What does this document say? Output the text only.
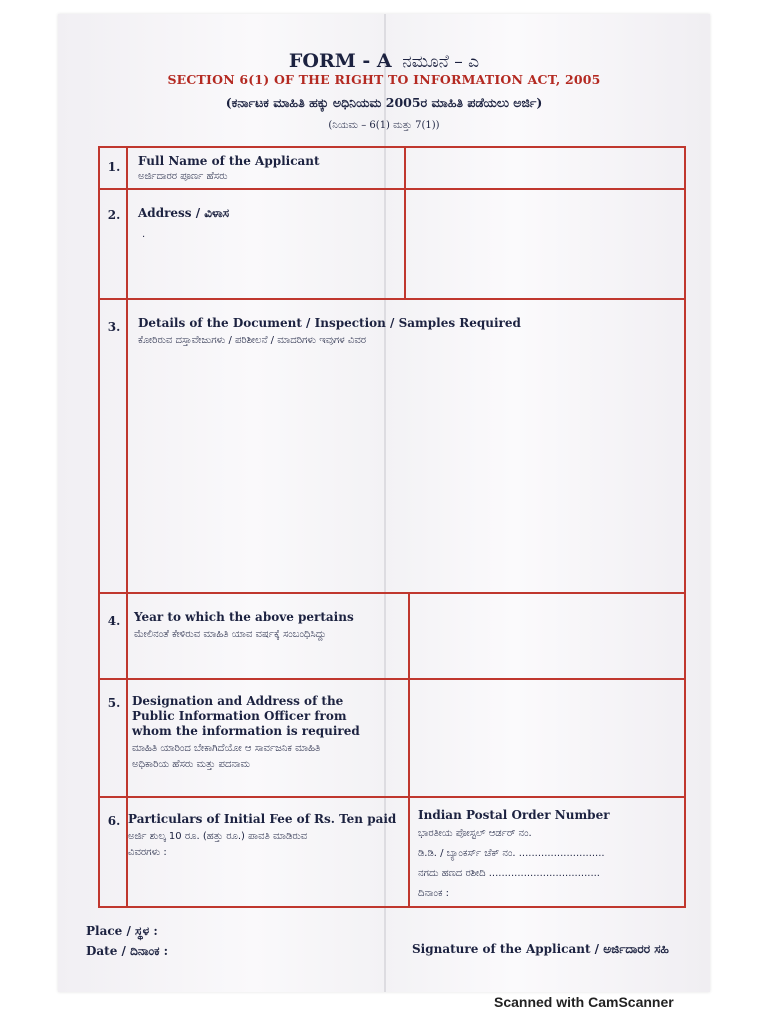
FORM - A ನಮೂನೆ – ಎ
SECTION 6(1) OF THE RIGHT TO INFORMATION ACT, 2005
(ಕರ್ನಾಟಕ ಮಾಹಿತಿ ಹಕ್ಕು ಅಧಿನಿಯಮ 2005ರ ಮಾಹಿತಿ ಪಡೆಯಲು ಅರ್ಜಿ)
(ನಿಯಮ – 6(1) ಮತ್ತು 7(1))
1.	Full Name of the Applicant
ಅರ್ಜಿದಾರರ ಪೂರ್ಣ ಹೆಸರು
2.	Address / ವಿಳಾಸ
.
3.	Details of the Document / Inspection / Samples Required
ಕೋರಿರುವ ದಸ್ತಾವೇಜುಗಳು / ಪರಿಶೀಲನೆ / ಮಾದರಿಗಳು ಇವುಗಳ ವಿವರ
4.	Year to which the above pertains
ಮೇಲಿನಂತೆ ಕೇಳಿರುವ ಮಾಹಿತಿ ಯಾವ ವರ್ಷಕ್ಕೆ ಸಂಬಂಧಿಸಿದ್ದು
5. Designation and Address of the
Public Information Officer from
whom the information is required
ಮಾಹಿತಿ ಯಾರಿಂದ ಬೇಕಾಗಿದೆಯೋ ಆ ಸಾರ್ವಜನಿಕ ಮಾಹಿತಿ
ಅಧಿಕಾರಿಯ ಹೆಸರು ಮತ್ತು ಪದನಾಮ
6. Particulars of Initial Fee of Rs. Ten paid
ಅರ್ಜಿ ಶುಲ್ಕ 10 ರೂ. (ಹತ್ತು ರೂ.) ಪಾವತಿ ಮಾಡಿರುವ
ವಿವರಗಳು :
Indian Postal Order Number
ಭಾರತೀಯ ಪೋಸ್ಟಲ್ ಆರ್ಡರ್ ನಂ.
ಡಿ.ಡಿ. / ಬ್ಯಾಂಕರ್ಸ್ ಚೆಕ್ ನಂ. ...........................
ನಗದು ಹಣದ ರಶೀದಿ ...................................
ದಿನಾಂಕ :
Place / ಸ್ಥಳ :
Date / ದಿನಾಂಕ :	Signature of the Applicant / ಅರ್ಜಿದಾರರ ಸಹಿ
Scanned with CamScanner
